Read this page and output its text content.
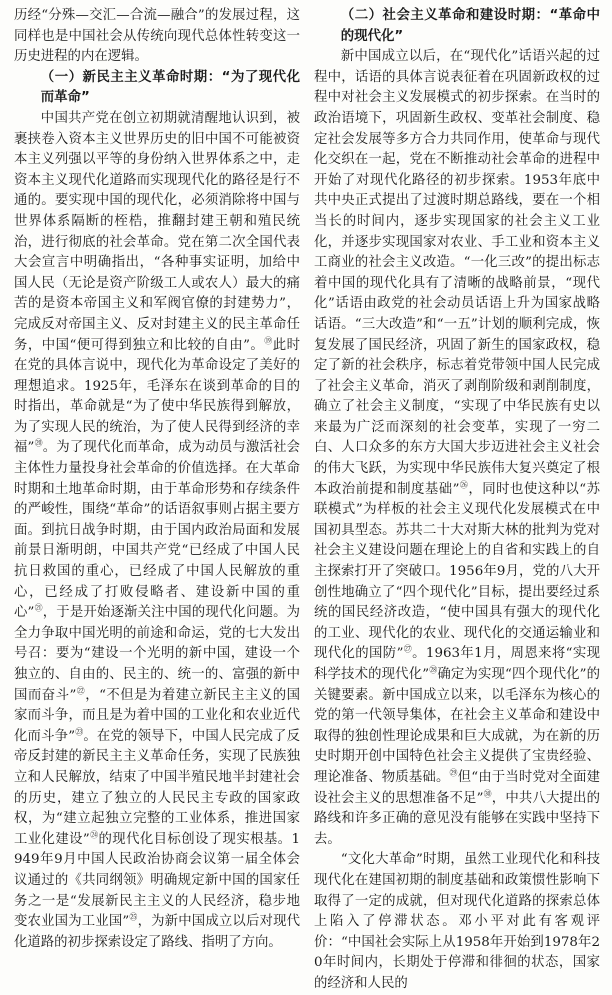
历经“分殊—交汇—合流—融合”的发展过程，这同样也是中国社会从传统向现代总体性转变这一历史进程的内在逻辑。

（一）新民主主义革命时期：“为了现代化而革命”

中国共产党在创立初期就清醒地认识到，被裹挟卷入资本主义世界历史的旧中国不可能被资本主义列强以平等的身份纳入世界体系之中，走资本主义现代化道路而实现现代化的路径是行不通的。要实现中国的现代化，必须消除将中国与世界体系隔断的桎梏，推翻封建王朝和殖民统治，进行彻底的社会革命。党在第二次全国代表大会宣言中明确指出，“各种事实证明，加给中国人民（无论是资产阶级工人或农人）最大的痛苦的是资本帝国主义和军阀官僚的封建势力”，完成反对帝国主义、反对封建主义的民主革命任务，中国“便可得到独立和比较的自由”。⑲此时在党的具体言说中，现代化为革命设定了美好的理想追求。1925年，毛泽东在谈到革命的目的时指出，革命就是“为了使中华民族得到解放，为了实现人民的统治，为了使人民得到经济的幸福”⑳。为了现代化而革命，成为动员与激活社会主体性力量投身社会革命的价值选择。在大革命时期和土地革命时期，由于革命形势和存续条件的严峻性，围绕“革命”的话语叙事则占据主要方面。到抗日战争时期，由于国内政治局面和发展前景日渐明朗，中国共产党“已经成了中国人民抗日救国的重心，已经成了中国人民解放的重心，已经成了打败侵略者、建设新中国的重心”$^㉑$，于是开始逐渐关注中国的现代化问题。为全力争取中国光明的前途和命运，党的七大发出号召：要为“建设一个光明的新中国，建设一个独立的、自由的、民主的、统一的、富强的新中国而奋斗”$^㉒$，“不但是为着建立新民主主义的国家而斗争，而且是为着中国的工业化和农业近代化而斗争”$^㉓$。在党的领导下，中国人民完成了反帝反封建的新民主主义革命任务，实现了民族独立和人民解放，结束了中国半殖民地半封建社会的历史，建立了独立的人民民主专政的国家政权，为“建立起独立完整的工业体系，推进国家工业化建设”$^㉔$的现代化目标创设了现实根基。1949年9月中国人民政治协商会议第一届全体会议通过的《共同纲领》明确规定新中国的国家任务之一是“发展新民主主义的人民经济，稳步地变农业国为工业国”$^㉕$，为新中国成立以后对现代化道路的初步探索设定了路线、指明了方向。

（二）社会主义革命和建设时期：“革命中的现代化”

新中国成立以后，在“现代化”话语兴起的过程中，话语的具体言说表征着在巩固新政权的过程中对社会主义发展模式的初步探索。在当时的政治语境下，巩固新生政权、变革社会制度、稳定社会发展等多方合力共同作用，使革命与现代化交织在一起，党在不断推动社会革命的进程中开始了对现代化路径的初步探索。1953年底中共中央正式提出了过渡时期总路线，要在一个相当长的时间内，逐步实现国家的社会主义工业化，并逐步实现国家对农业、手工业和资本主义工商业的社会主义改造。“一化三改”的提出标志着中国的现代化具有了清晰的战略前景，“现代化”话语由政党的社会动员话语上升为国家战略话语。“三大改造”和“一五”计划的顺利完成，恢复发展了国民经济，巩固了新生的国家政权，稳定了新的社会秩序，标志着党带领中国人民完成了社会主义革命，消灭了剥削阶级和剥削制度，确立了社会主义制度，“实现了中华民族有史以来最为广泛而深刻的社会变革，实现了一穷二白、人口众多的东方大国大步迈进社会主义社会的伟大飞跃，为实现中华民族伟大复兴奠定了根本政治前提和制度基础”$^㉖$，同时也使这种以“苏联模式”为样板的社会主义现代化发展模式在中国初具型态。苏共二十大对斯大林的批判为党对社会主义建设问题在理论上的自省和实践上的自主探索打开了突破口。1956年9月，党的八大开创性地确立了“四个现代化”目标，提出要经过系统的国民经济改造，“使中国具有强大的现代化的工业、现代化的农业、现代化的交通运输业和现代化的国防”$^㉗$。1963年1月，周恩来将“实现科学技术的现代化”$^㉘$确定为实现“四个现代化”的关键要素。新中国成立以来，以毛泽东为核心的党的第一代领导集体，在社会主义革命和建设中取得的独创性理论成果和巨大成就，为在新的历史时期开创中国特色社会主义提供了宝贵经验、理论准备、物质基础。$^㉙$但“由于当时党对全面建设社会主义的思想准备不足”$^㉚$，中共八大提出的路线和许多正确的意见没有能够在实践中坚持下去。

“文化大革命”时期，虽然工业现代化和科技现代化在建国初期的制度基础和政策惯性影响下取得了一定的成就，但对现代化道路的探索总体上陷入了停滞状态。邓小平对此有客观评价：“中国社会实际上从1958年开始到1978年20年时间内，长期处于停滞和徘徊的状态，国家的经济和人民的
